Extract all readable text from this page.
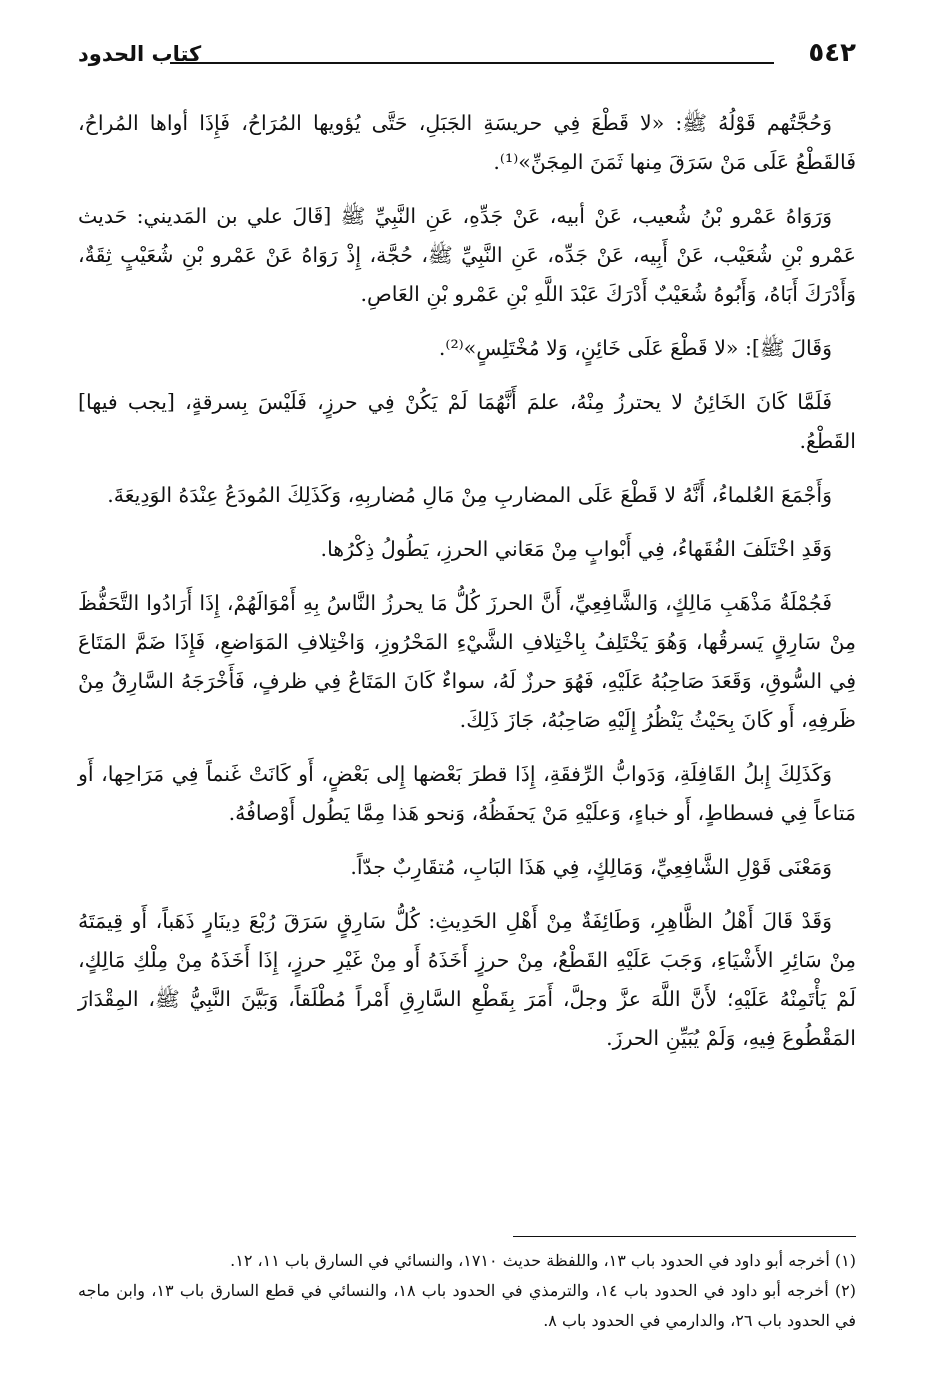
كتاب الحدود	٥٤٢

وَحُجَّتُهم قَوْلُهُ ﷺ: «لا قَطْعَ فِي حريسَةِ الجَبَلِ، حَتَّى يُؤويها المُرَاحُ، فَإِذَا أواها المُراحُ، فَالقَطْعُ عَلَى مَنْ سَرَقَ مِنها ثَمَنَ المِجَنِّ»⁽¹⁾.

وَرَوَاهُ عَمْرو بْنُ شُعيب، عَنْ أبيه، عَنْ جَدِّهِ، عَنِ النَّبِيِّ ﷺ [قَالَ علي بن المَديني: حَديث عَمْرو بْنِ شُعَيْب، عَنْ أَبِيه، عَنْ جَدِّه، عَنِ النَّبِيِّ ﷺ، حُجَّة، إِذْ رَوَاهُ عَنْ عَمْرو بْنِ شُعَيْبٍ ثِقَةٌ، وَأَدْرَكَ أَبَاهُ، وَأَبُوهُ شُعَيْبٌ أَدْرَكَ عَبْدَ اللَّهِ بْنِ عَمْرو بْنِ العَاصِ.

وَقَالَ ﷺ]: «لا قَطْعَ عَلَى خَائِنٍ، وَلا مُخْتَلِسٍ»⁽²⁾.

فَلَمَّا كَانَ الخَائِنُ لا يحترزُ مِنْهُ، علمَ أَنَّهُمَا لَمْ يَكُنْ فِي حرزٍ، فَلَيْسَ بِسرقةٍ، [يجب فيها] القَطْعُ.

وَأَجْمَعَ العُلماءُ، أَنَّهُ لا قَطْعَ عَلَى المضاربِ مِنْ مَالِ مُضاربِهِ، وَكَذَلِكَ المُودَعُ عِنْدَهُ الوَدِيعَةَ.

وَقَدِ اخْتَلَفَ الفُقَهاءُ، فِي أَبْوابٍ مِنْ مَعَاني الحرزِ، يَطُولُ ذِكْرُها.

فَجُمْلَةُ مَذْهَبِ مَالِكٍ، وَالشَّافِعِيِّ، أَنَّ الحرزَ كُلُّ مَا يحرزُ النَّاسُ بِهِ أَمْوَالَهُمْ، إِذَا أَرَادُوا التَّحَفُّظَ مِنْ سَارِقٍ يَسرقُها، وَهُوَ يَخْتَلِفُ بِاخْتِلافِ الشَّيْءِ المَحْرُوزِ، وَاخْتِلافِ المَوَاضعِ، فَإِذَا ضَمَّ المَتَاعَ فِي السُّوقِ، وَقَعَدَ صَاحِبُهُ عَلَيْهِ، فَهُوَ حرزٌ لَهُ، سواءٌ كَانَ المَتَاعُ فِي ظرفٍ، فَأَخْرَجَهُ السَّارِقُ مِنْ ظَرفِهِ، أَو كَانَ بِحَيْثُ يَنْظُرُ إِلَيْهِ صَاحِبُهُ، جَازَ ذَلِكَ.

وَكَذَلِكَ إِبلُ القَافِلَةِ، وَدَوابُّ الرِّفقَةِ، إِذَا قطرَ بَعْضها إِلى بَعْضٍ، أَو كَانَتْ غَنماً فِي مَرَاحِها، أَو مَتاعاً فِي فسطاطٍ، أَو خباءٍ، وَعلَيْهِ مَنْ يَحفَظُهُ، وَنحو هَذا مِمَّا يَطُول أَوْصافُهُ.

وَمَعْنَى قَوْلِ الشَّافِعِيِّ، وَمَالِكٍ، فِي هَذَا البَابِ، مُتقَارِبٌ جدّاً.

وَقَدْ قَالَ أَهْلُ الظَّاهِرِ، وَطَائِفَةٌ مِنْ أَهْلِ الحَدِيثِ: كُلُّ سَارِقٍ سَرَقَ رُبْعَ دِينَارٍ ذَهَباً، أَو قِيمَتَهُ مِنْ سَائِرِ الأَشْيَاءِ، وَجَبَ عَلَيْهِ القَطْعُ، مِنْ حرزٍ أَخَذَهُ أَو مِنْ غَيْرِ حرزٍ، إِذَا أَخَذَهُ مِنْ مِلْكِ مَالِكٍ، لَمْ يَأْتَمِنْهُ عَلَيْهِ؛ لأَنَّ اللَّهَ عزَّ وجلَّ، أَمَرَ بِقَطْعِ السَّارِقِ أَمْراً مُطْلَقاً، وَبَيَّنَ النَّبِيُّ ﷺ، المِقْدَارَ المَقْطُوعَ فِيهِ، وَلَمْ يُبَيِّنِ الحرزَ.

(١) أخرجه أبو داود في الحدود باب ١٣، واللفظة حديث ١٧١٠، والنسائي في السارق باب ١١، ١٢.

(٢) أخرجه أبو داود في الحدود باب ١٤، والترمذي في الحدود باب ١٨، والنسائي في قطع السارق باب ١٣، وابن ماجه في الحدود باب ٢٦، والدارمي في الحدود باب ٨.
